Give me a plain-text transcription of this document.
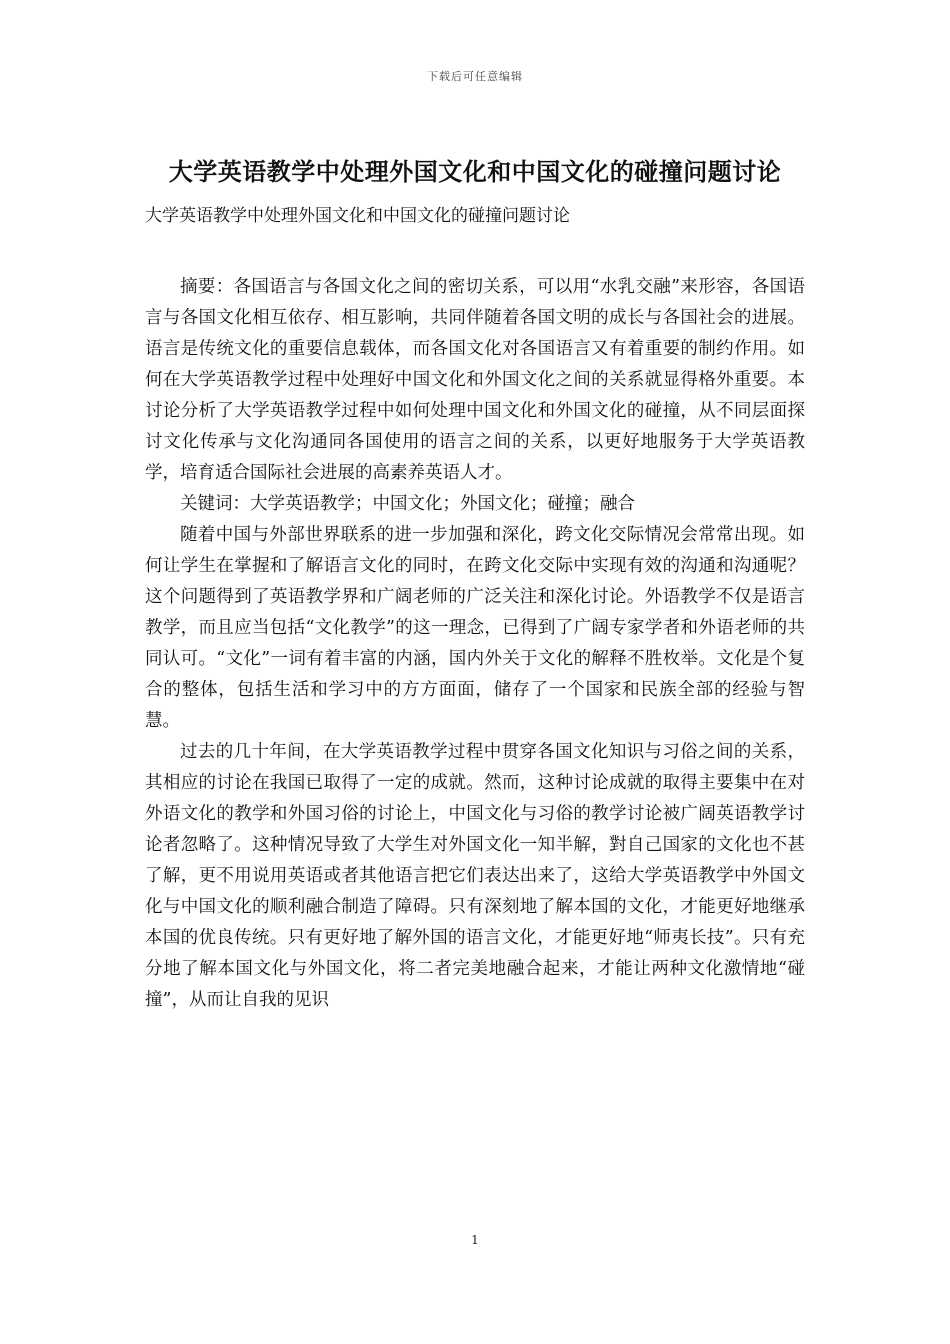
下载后可任意编辑
大学英语教学中处理外国文化和中国文化的碰撞问题讨论
大学英语教学中处理外国文化和中国文化的碰撞问题讨论

摘要：各国语言与各国文化之间的密切关系，可以用“水乳交融”来形容，各国语言与各国文化相互依存、相互影响，共同伴随着各国文明的成长与各国社会的进展。语言是传统文化的重要信息载体，而各国文化对各国语言又有着重要的制约作用。如何在大学英语教学过程中处理好中国文化和外国文化之间的关系就显得格外重要。本讨论分析了大学英语教学过程中如何处理中国文化和外国文化的碰撞，从不同层面探讨文化传承与文化沟通同各国使用的语言之间的关系，以更好地服务于大学英语教学，培育适合国际社会进展的高素养英语人才。

关键词：大学英语教学；中国文化；外国文化；碰撞；融合

随着中国与外部世界联系的进一步加强和深化，跨文化交际情况会常常出现。如何让学生在掌握和了解语言文化的同时，在跨文化交际中实现有效的沟通和沟通呢？这个问题得到了英语教学界和广阔老师的广泛关注和深化讨论。外语教学不仅是语言教学，而且应当包括“文化教学”的这一理念，已得到了广阔专家学者和外语老师的共同认可。“文化”一词有着丰富的内涵，国内外关于文化的解释不胜枚举。文化是个复合的整体，包括生活和学习中的方方面面，储存了一个国家和民族全部的经验与智慧。

过去的几十年间，在大学英语教学过程中贯穿各国文化知识与习俗之间的关系，其相应的讨论在我国已取得了一定的成就。然而，这种讨论成就的取得主要集中在对外语文化的教学和外国习俗的讨论上，中国文化与习俗的教学讨论被广阔英语教学讨论者忽略了。这种情况导致了大学生对外国文化一知半解，對自己国家的文化也不甚了解，更不用说用英语或者其他语言把它们表达出来了，这给大学英语教学中外国文化与中国文化的顺利融合制造了障碍。只有深刻地了解本国的文化，才能更好地继承本国的优良传统。只有更好地了解外国的语言文化，才能更好地“师夷长技”。只有充分地了解本国文化与外国文化，将二者完美地融合起来，才能让两种文化激情地“碰撞”，从而让自我的见识

1
